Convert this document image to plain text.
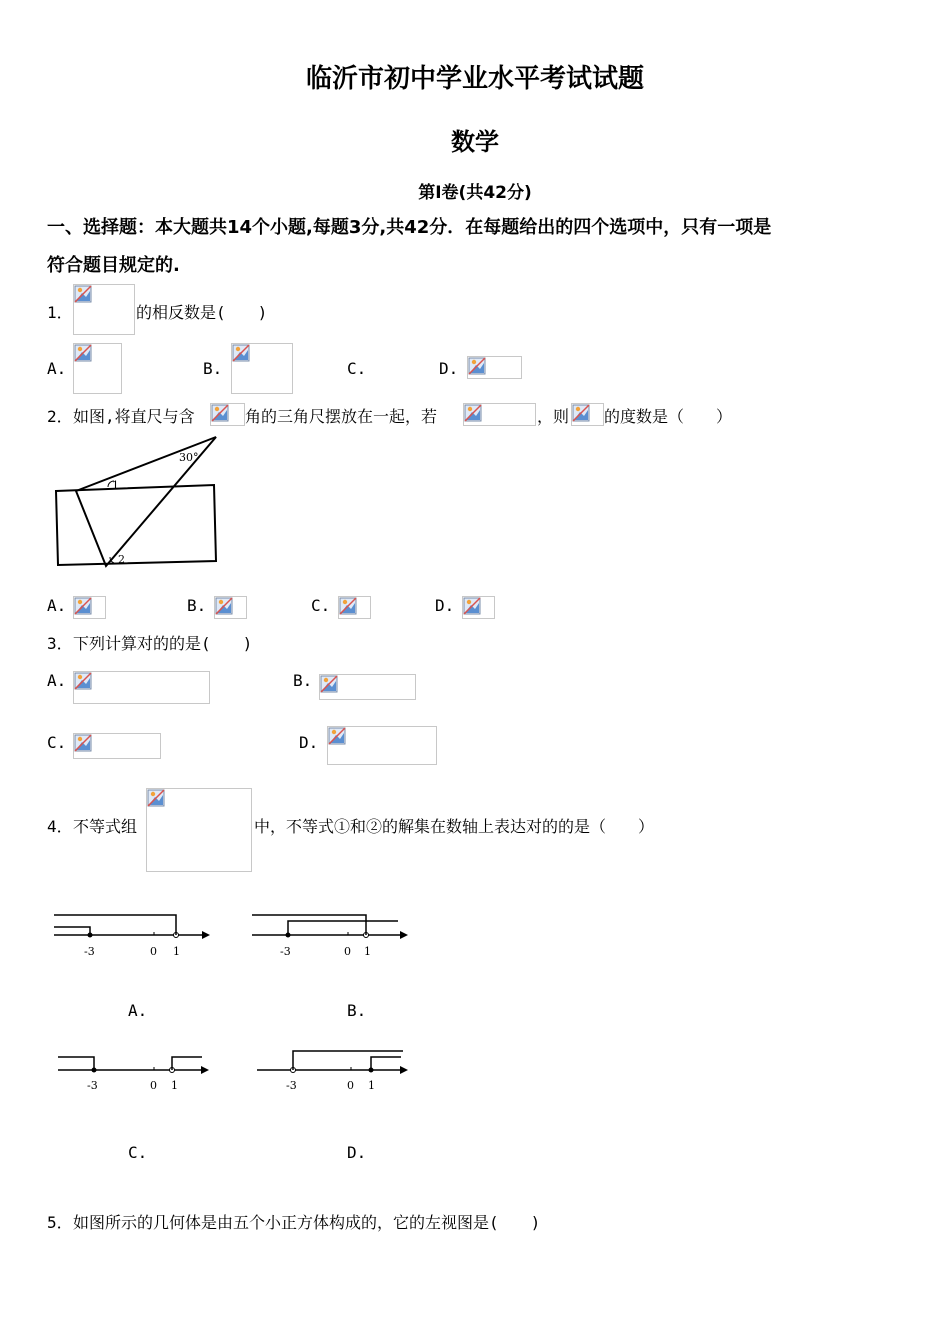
临沂市初中学业水平考试试题
数学
第Ⅰ卷(共42分)
一、选择题：本大题共14个小题,每题3分,共42分．在每题给出的四个选项中，只有一项是
符合题目规定的.
1．	的相反数是(　　)
A.	B.	C.	D.
2． 如图,将直尺与含	角的三角尺摆放在一起，若	，则 的度数是（　　）
30°
1
2
A.	B.	C.	D.
3． 下列计算对的的是(　　)
A.	B.
C.	D.
4． 不等式组	中，不等式①和②的解集在数轴上表达对的的是（　　）
-3	0 1	-3	0 1
A.	B.
-3	0 1	-3	0 1
C.	D.
5． 如图所示的几何体是由五个小正方体构成的，它的左视图是(　　)
